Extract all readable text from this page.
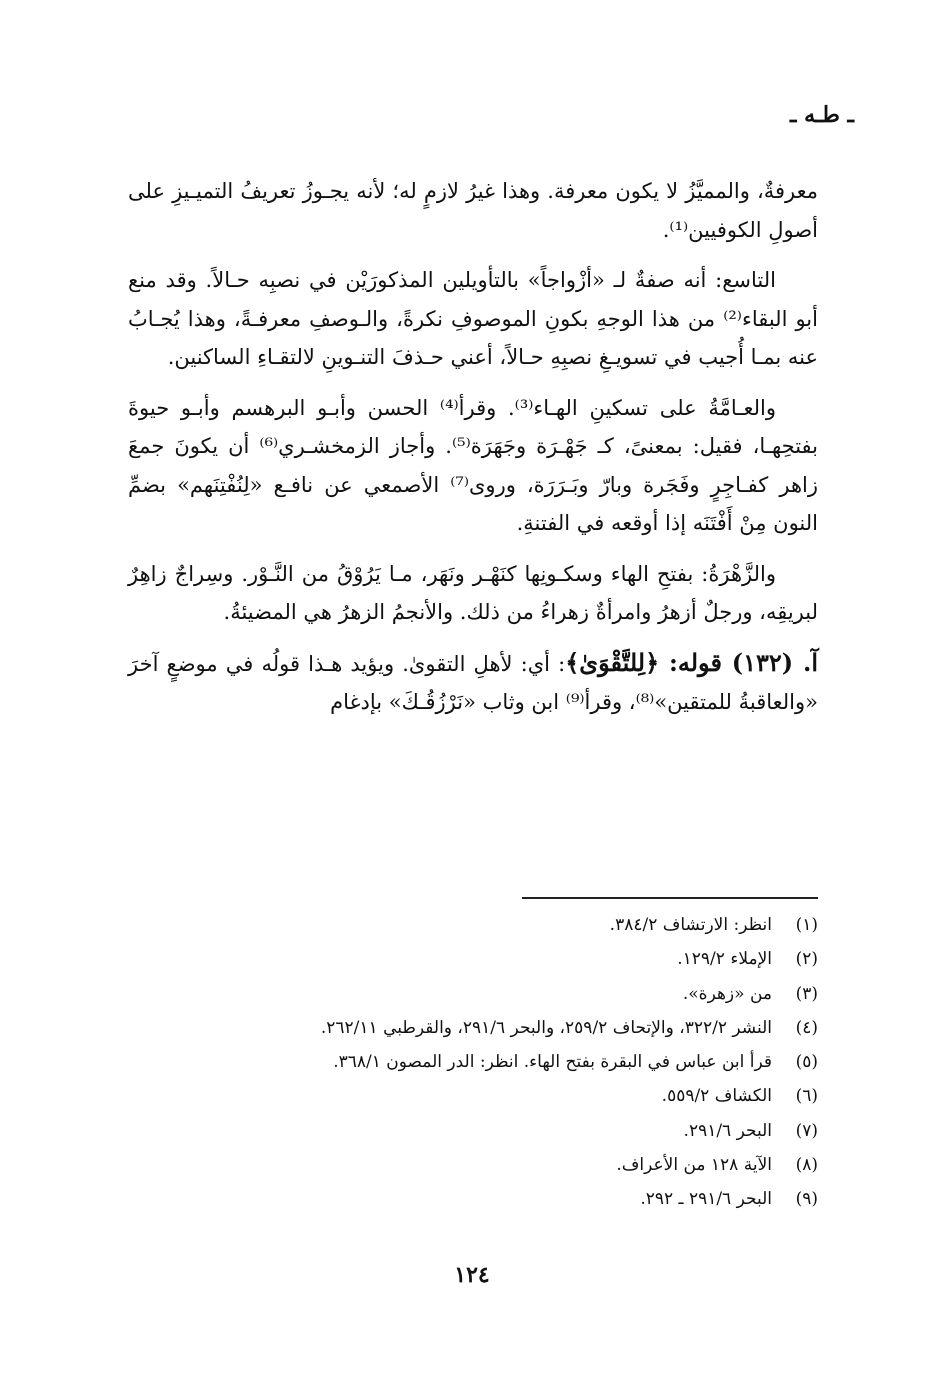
ـ طـه ـ

معرفةٌ، والمميَّزُ لا يكون معرفة. وهذا غيرُ لازمٍ له؛ لأنه يجـوزُ تعريفُ التميـيزِ على أصولِ الكوفيين⁽¹⁾.

التاسع: أنه صفةٌ لـ «أزْواجاً» بالتأويلين المذكورَيْن في نصبِه حـالاً. وقد منع أبو البقاء⁽²⁾ من هذا الوجهِ بكونِ الموصوفِ نكرةً، والـوصفِ معرفـةً، وهذا يُجـابُ عنه بمـا أُجيب في تسويـغِ نصبِهِ حـالاً، أعني حـذفَ التنـوينِ لالتقـاءِ الساكنين.

والعـامَّةُ على تسكينِ الهـاء⁽³⁾. وقرأ⁽⁴⁾ الحسن وأبـو البرهسم وأبـو حيوةَ بفتحِهـا، فقيل: بمعنىً، كـ جَهْـرَة وجَهَرَة⁽⁵⁾. وأجاز الزمخشـري⁽⁶⁾ أن يكونَ جمعَ زاهر كفـاجِرٍ وفَجَرة وبارّ وبَـرَرَة، وروى⁽⁷⁾ الأصمعي عن نافـع «لِنُفْتِنَهم» بضمِّ النون مِنْ أَفْتَنَه إذا أوقعه في الفتنةِ.

والزَّهْرَةُ: بفتحِ الهاء وسكـونِها كنَهْـر ونَهَر، مـا يَرُوْقُ من النَّـوْر. وسِراجٌ زاهِرٌ لبريقِه، ورجلٌ أزهرُ وامرأةٌ زهراءُ من ذلك. والأنجمُ الزهرُ هي المضيئةُ.

آ. (١٣٢) قوله: ﴿لِلتَّقْوَىٰ﴾: أي: لأهلِ التقوىٰ. ويؤيد هـذا قولُه في موضعٍ آخرَ «والعاقبةُ للمتقين»⁽⁸⁾، وقرأ⁽⁹⁾ ابن وثاب «نَرْزُقُـكَ» بإدغام

(١)
انظر: الارتشاف ٣٨٤/٢.
(٢)
الإملاء ١٢٩/٢.
(٣)
من «زهرة».
(٤)
النشر ٣٢٢/٢، والإتحاف ٢٥٩/٢، والبحر ٢٩١/٦، والقرطبي ٢٦٢/١١.
(٥)
قرأ ابن عباس في البقرة بفتح الهاء. انظر: الدر المصون ٣٦٨/١.
(٦)
الكشاف ٥٥٩/٢.
(٧)
البحر ٢٩١/٦.
(٨)
الآية ١٢٨ من الأعراف.
(٩)
البحر ٢٩١/٦ ـ ٢٩٢.
١٢٤
